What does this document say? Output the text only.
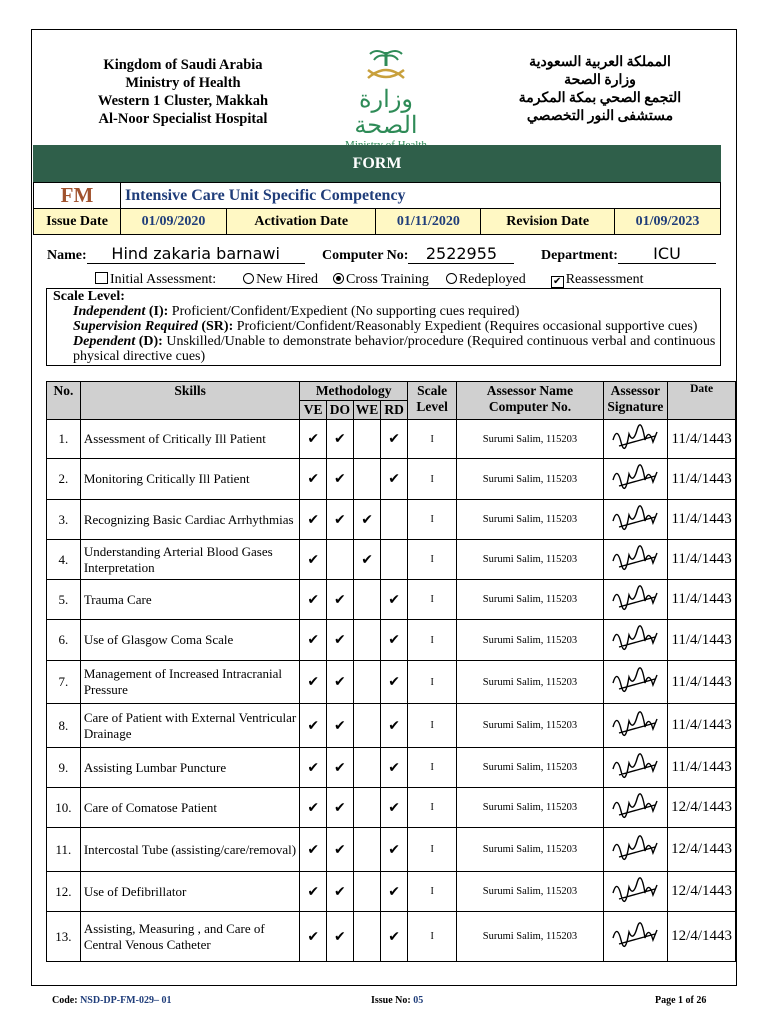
Kingdom of Saudi Arabia
Ministry of Health
Western 1 Cluster, Makkah
Al-Noor Specialist Hospital
وزارة الصحة
المملكة العربية السعودية
وزارة الصحة
التجمع الصحي بمكة المكرمة
مستشفى النور التخصصي
FORM
FM	Intensive Care Unit Specific Competency				
Issue Date	01/09/2020	Activation Date	01/11/2020	Revision Date	01/09/2023
Name: Hind zakaria barnawi	Computer No: 2522955	Department: ICU
Initial Assessment:	New Hired Cross Training Redeployed	✔ Reassessment
Scale Level:
Independent (I): Proficient/Confident/Expedient (No supporting cues required)
Supervision Required (SR): Proficient/Confident/Reasonably Expedient (Requires occasional supportive cues)
Dependent (D): Unskilled/Unable to demonstrate behavior/procedure (Required continuous verbal and continuous physical directive cues)
No.	Skills	Methodology				Scale Level	Assessor Name Computer No.	Assessor Signature	Date
		VE	DO	WE	RD				
1.	Assessment of Critically Ill Patient	✔	✔		✔	I	Surumi Salim, 115203		11/4/1443
2.	Monitoring Critically Ill Patient	✔	✔		✔	I	Surumi Salim, 115203		11/4/1443
3.	Recognizing Basic Cardiac Arrhythmias	✔	✔	✔		I	Surumi Salim, 115203		11/4/1443
4.	Understanding Arterial Blood Gases Interpretation	✔		✔		I	Surumi Salim, 115203		11/4/1443
5.	Trauma Care	✔	✔		✔	I	Surumi Salim, 115203		11/4/1443
6.	Use of Glasgow Coma Scale	✔	✔		✔	I	Surumi Salim, 115203		11/4/1443
7.	Management of Increased Intracranial Pressure	✔	✔		✔	I	Surumi Salim, 115203		11/4/1443
8.	Care of Patient with External Ventricular Drainage	✔	✔		✔	I	Surumi Salim, 115203		11/4/1443
9.	Assisting Lumbar Puncture	✔	✔		✔	I	Surumi Salim, 115203		11/4/1443
10.	Care of Comatose Patient	✔	✔		✔	I	Surumi Salim, 115203		12/4/1443
11.	Intercostal Tube (assisting/care/removal)	✔	✔		✔	I	Surumi Salim, 115203		12/4/1443
12.	Use of Defibrillator	✔	✔		✔	I	Surumi Salim, 115203		12/4/1443
13.	Assisting, Measuring , and Care of Central Venous Catheter	✔	✔		✔	I	Surumi Salim, 115203		12/4/1443
Code: NSD-DP-FM-029– 01	Issue No: 05	Page 1 of 26
